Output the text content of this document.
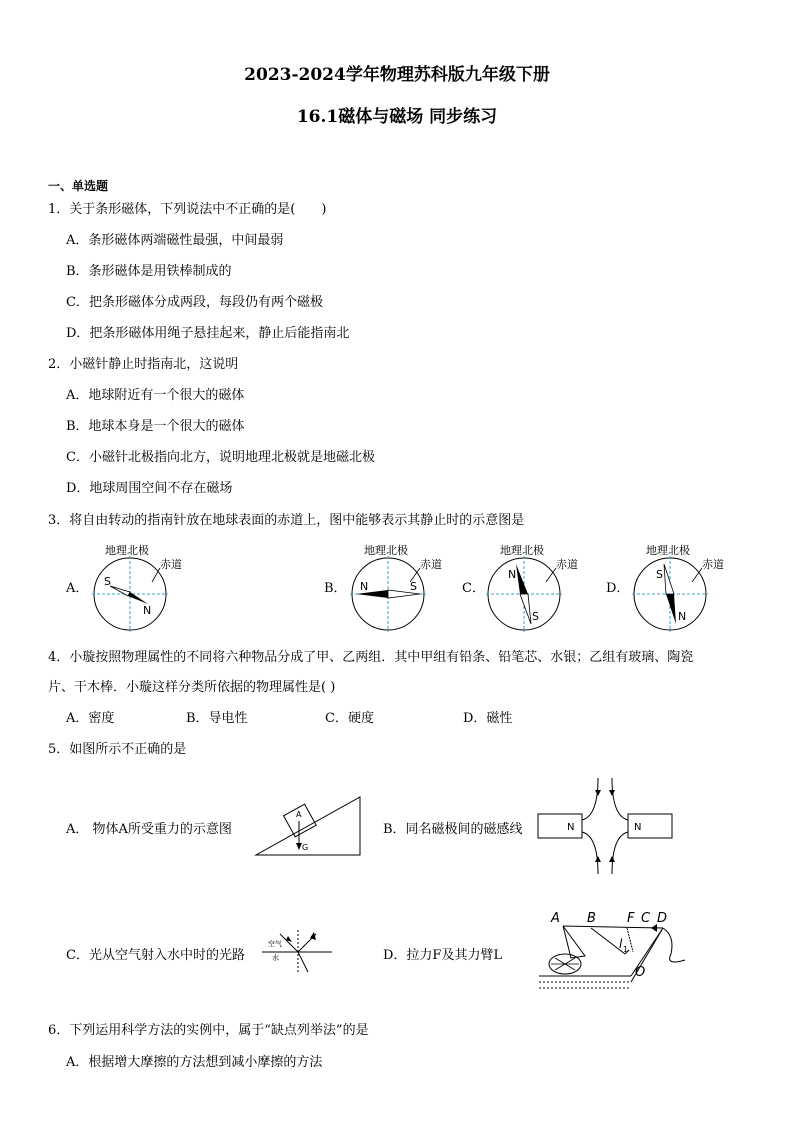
2023-2024学年物理苏科版九年级下册
16.1磁体与磁场 同步练习
一、单选题
1．关于条形磁体，下列说法中不正确的是(　　)
A．条形磁体两端磁性最强，中间最弱
B．条形磁体是用铁棒制成的
C．把条形磁体分成两段，每段仍有两个磁极
D．把条形磁体用绳子悬挂起来，静止后能指南北
2．小磁针静止时指南北，这说明
A．地球附近有一个很大的磁体
B．地球本身是一个很大的磁体
C．小磁针北极指向北方，说明地理北极就是地磁北极
D．地球周围空间不存在磁场
3．将自由转动的指南针放在地球表面的赤道上，图中能够表示其静止时的示意图是
A．
地理北极
S
N
赤道
B．
地理北极
N	S
赤道
C．
地理北极
N
S
赤道
D．
地理北极
S
N
赤道
4．小璇按照物理属性的不同将六种物品分成了甲、乙两组．其中甲组有铅条、铅笔芯、水银；乙组有玻璃、陶瓷
片、干木棒．小璇这样分类所依据的物理属性是( )
A．密度	B．导电性	C．硬度	D．磁性
5．如图所示不正确的是
A． 物体A所受重力的示意图
A
G
B．同名磁极间的磁感线	N	N
C．光从空气射入水中时的光路
空气
水	D．拉力F及其力臂L
A B F C D
l 1
O
6．下列运用科学方法的实例中，属于“缺点列举法”的是
A．根据增大摩擦的方法想到减小摩擦的方法
